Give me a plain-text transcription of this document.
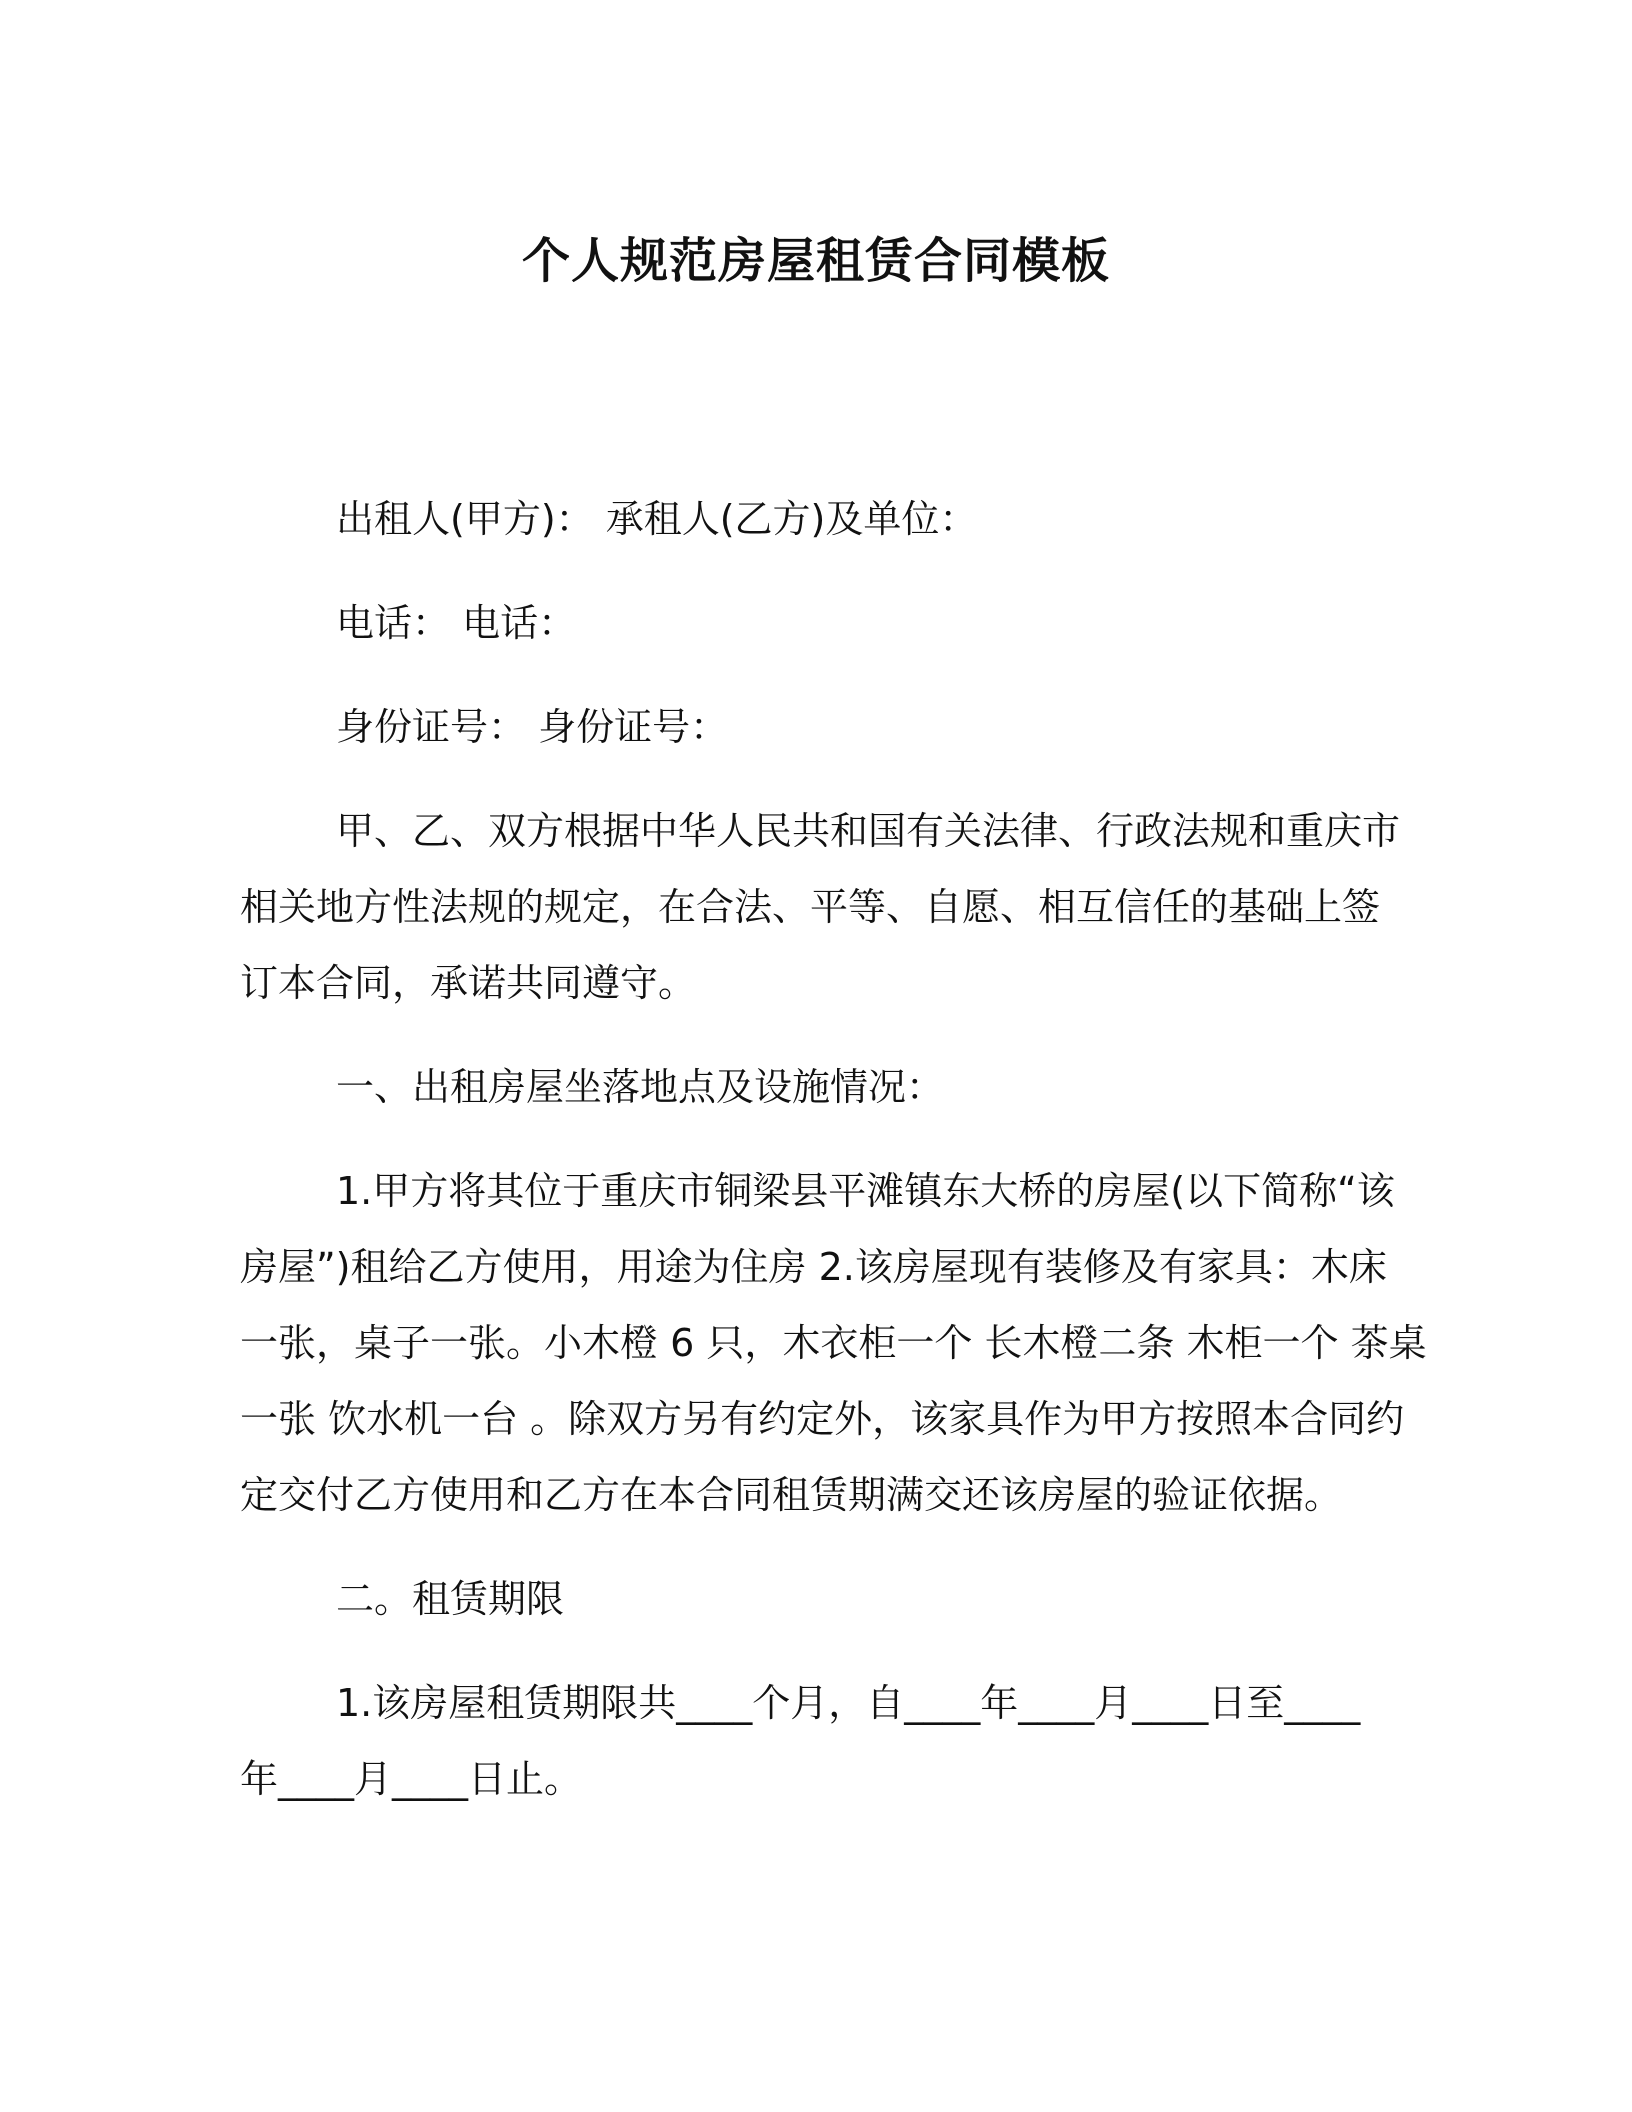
个人规范房屋租赁合同模板
出租人(甲方)： 承租人(乙方)及单位：
电话： 电话：
身份证号： 身份证号：
甲、乙、双方根据中华人民共和国有关法律、行政法规和重庆市
相关地方性法规的规定，在合法、平等、自愿、相互信任的基础上签
订本合同，承诺共同遵守。
一、出租房屋坐落地点及设施情况：
1.甲方将其位于重庆市铜梁县平滩镇东大桥的房屋(以下简称“该
房屋”)租给乙方使用，用途为住房 2.该房屋现有装修及有家具：木床
一张，桌子一张。小木橙 6 只，木衣柜一个 长木橙二条 木柜一个 茶桌
一张 饮水机一台 。除双方另有约定外，该家具作为甲方按照本合同约
定交付乙方使用和乙方在本合同租赁期满交还该房屋的验证依据。
二。租赁期限
1.该房屋租赁期限共____个月，自____年____月____日至____
年____月____日止。
